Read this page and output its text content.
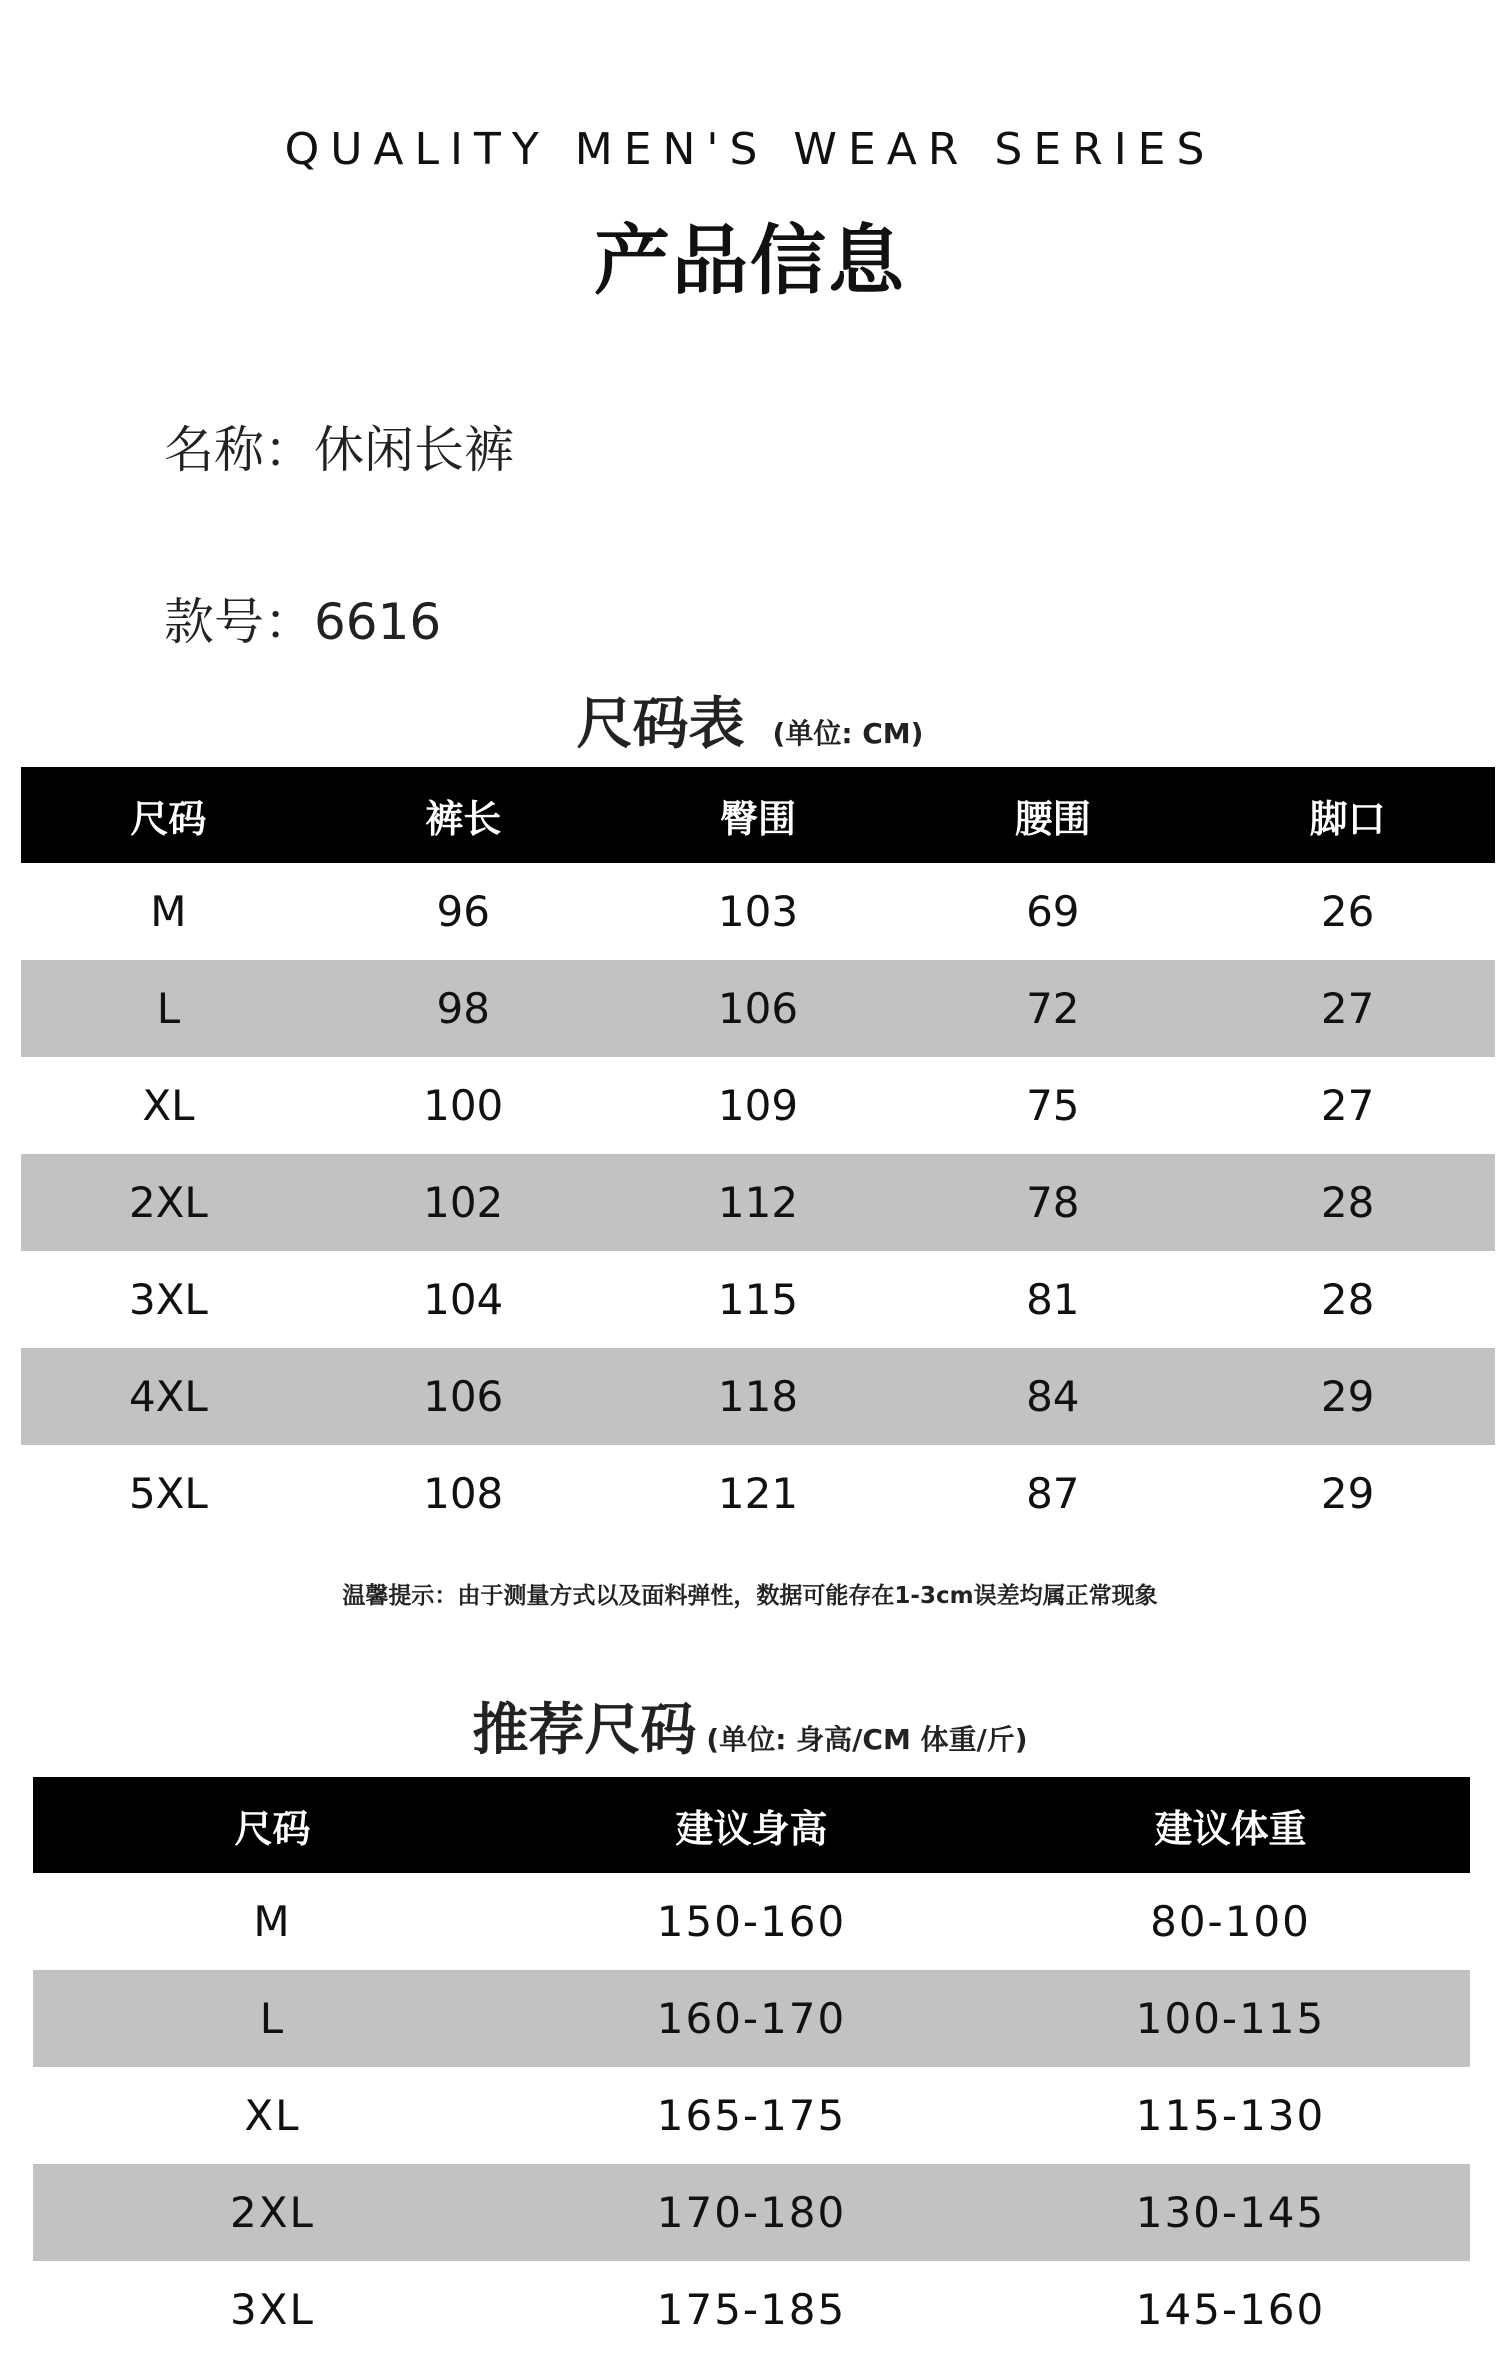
QUALITY MEN'S WEAR SERIES
产品信息
名称：休闲长裤
款号：6616
尺码表 (单位: CM)
尺码	裤长	臀围	腰围	脚口
M	96	103	69	26
L	98	106	72	27
XL	100	109	75	27
2XL	102	112	78	28
3XL	104	115	81	28
4XL	106	118	84	29
5XL	108	121	87	29
温馨提示：由于测量方式以及面料弹性，数据可能存在1-3cm误差均属正常现象
推荐尺码 (单位: 身高/CM 体重/斤)
尺码	建议身高	建议体重
M	150-160	80-100
L	160-170	100-115
XL	165-175	115-130
2XL	170-180	130-145
3XL	175-185	145-160
